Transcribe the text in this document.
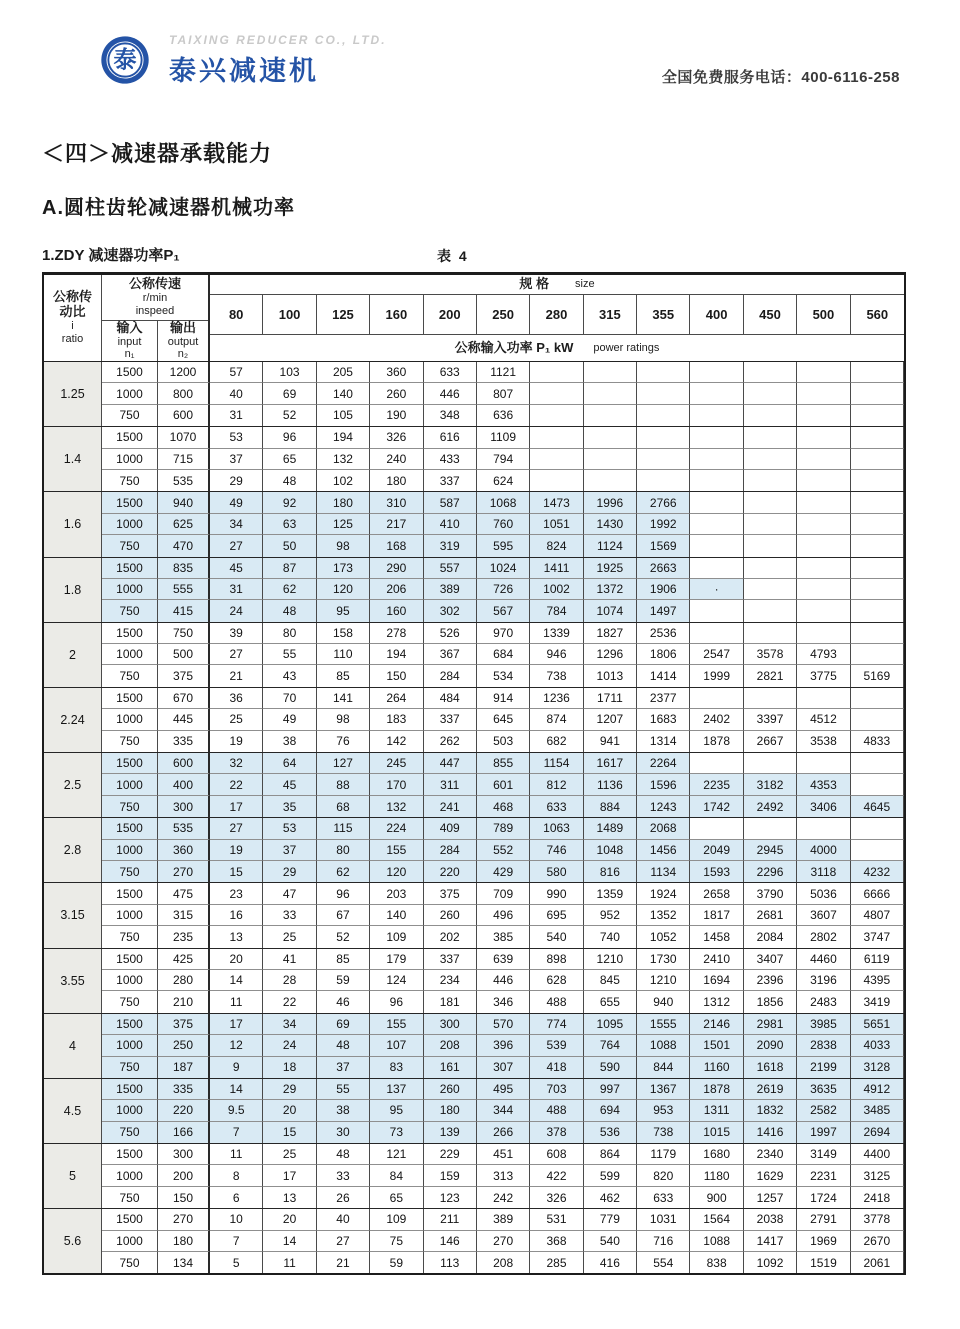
泰
TAIXING REDUCER CO., LTD.
泰兴减速机	全国免费服务电话：400-6116-258
＜四＞减速器承载能力
A.圆柱齿轮减速器机械功率
1.ZDY 减速器功率P₁	表 4
公称传
动比
i
ratio
公称传速
r/min
inspeed
输入
input
n₁
输出
output
n₂
规 格 size
80	100	125	160	200	250	280	315	355	400	450	500	560
公称输入功率 P₁ kW power ratings
1.25
1500	1200	57	103	205	360	633	1121
1000	800	40	69	140	260	446	807
750	600	31	52	105	190	348	636
1.4
1500	1070	53	96	194	326	616	1109
1000	715	37	65	132	240	433	794
750	535	29	48	102	180	337	624
1.6
1500	940	49	92	180	310	587	1068	1473	1996	2766
1000	625	34	63	125	217	410	760	1051	1430	1992
750	470	27	50	98	168	319	595	824	1124	1569
1.8
1500	835	45	87	173	290	557	1024	1411	1925	2663
1000	555	31	62	120	206	389	726	1002	1372	1906	·
750	415	24	48	95	160	302	567	784	1074	1497
2
1500	750	39	80	158	278	526	970	1339	1827	2536
1000	500	27	55	110	194	367	684	946	1296	1806	2547	3578	4793
750	375	21	43	85	150	284	534	738	1013	1414	1999	2821	3775	5169
2.24
1500	670	36	70	141	264	484	914	1236	1711	2377
1000	445	25	49	98	183	337	645	874	1207	1683	2402	3397	4512
750	335	19	38	76	142	262	503	682	941	1314	1878	2667	3538	4833
2.5
1500	600	32	64	127	245	447	855	1154	1617	2264
1000	400	22	45	88	170	311	601	812	1136	1596	2235	3182	4353
750	300	17	35	68	132	241	468	633	884	1243	1742	2492	3406	4645
2.8
1500	535	27	53	115	224	409	789	1063	1489	2068
1000	360	19	37	80	155	284	552	746	1048	1456	2049	2945	4000
750	270	15	29	62	120	220	429	580	816	1134	1593	2296	3118	4232
3.15
1500	475	23	47	96	203	375	709	990	1359	1924	2658	3790	5036	6666
1000	315	16	33	67	140	260	496	695	952	1352	1817	2681	3607	4807
750	235	13	25	52	109	202	385	540	740	1052	1458	2084	2802	3747
3.55
1500	425	20	41	85	179	337	639	898	1210	1730	2410	3407	4460	6119
1000	280	14	28	59	124	234	446	628	845	1210	1694	2396	3196	4395
750	210	11	22	46	96	181	346	488	655	940	1312	1856	2483	3419
4
1500	375	17	34	69	155	300	570	774	1095	1555	2146	2981	3985	5651
1000	250	12	24	48	107	208	396	539	764	1088	1501	2090	2838	4033
750	187	9	18	37	83	161	307	418	590	844	1160	1618	2199	3128
4.5
1500	335	14	29	55	137	260	495	703	997	1367	1878	2619	3635	4912
1000	220	9.5	20	38	95	180	344	488	694	953	1311	1832	2582	3485
750	166	7	15	30	73	139	266	378	536	738	1015	1416	1997	2694
5
1500	300	11	25	48	121	229	451	608	864	1179	1680	2340	3149	4400
1000	200	8	17	33	84	159	313	422	599	820	1180	1629	2231	3125
750	150	6	13	26	65	123	242	326	462	633	900	1257	1724	2418
5.6
1500	270	10	20	40	109	211	389	531	779	1031	1564	2038	2791	3778
1000	180	7	14	27	75	146	270	368	540	716	1088	1417	1969	2670
750	134	5	11	21	59	113	208	285	416	554	838	1092	1519	2061
